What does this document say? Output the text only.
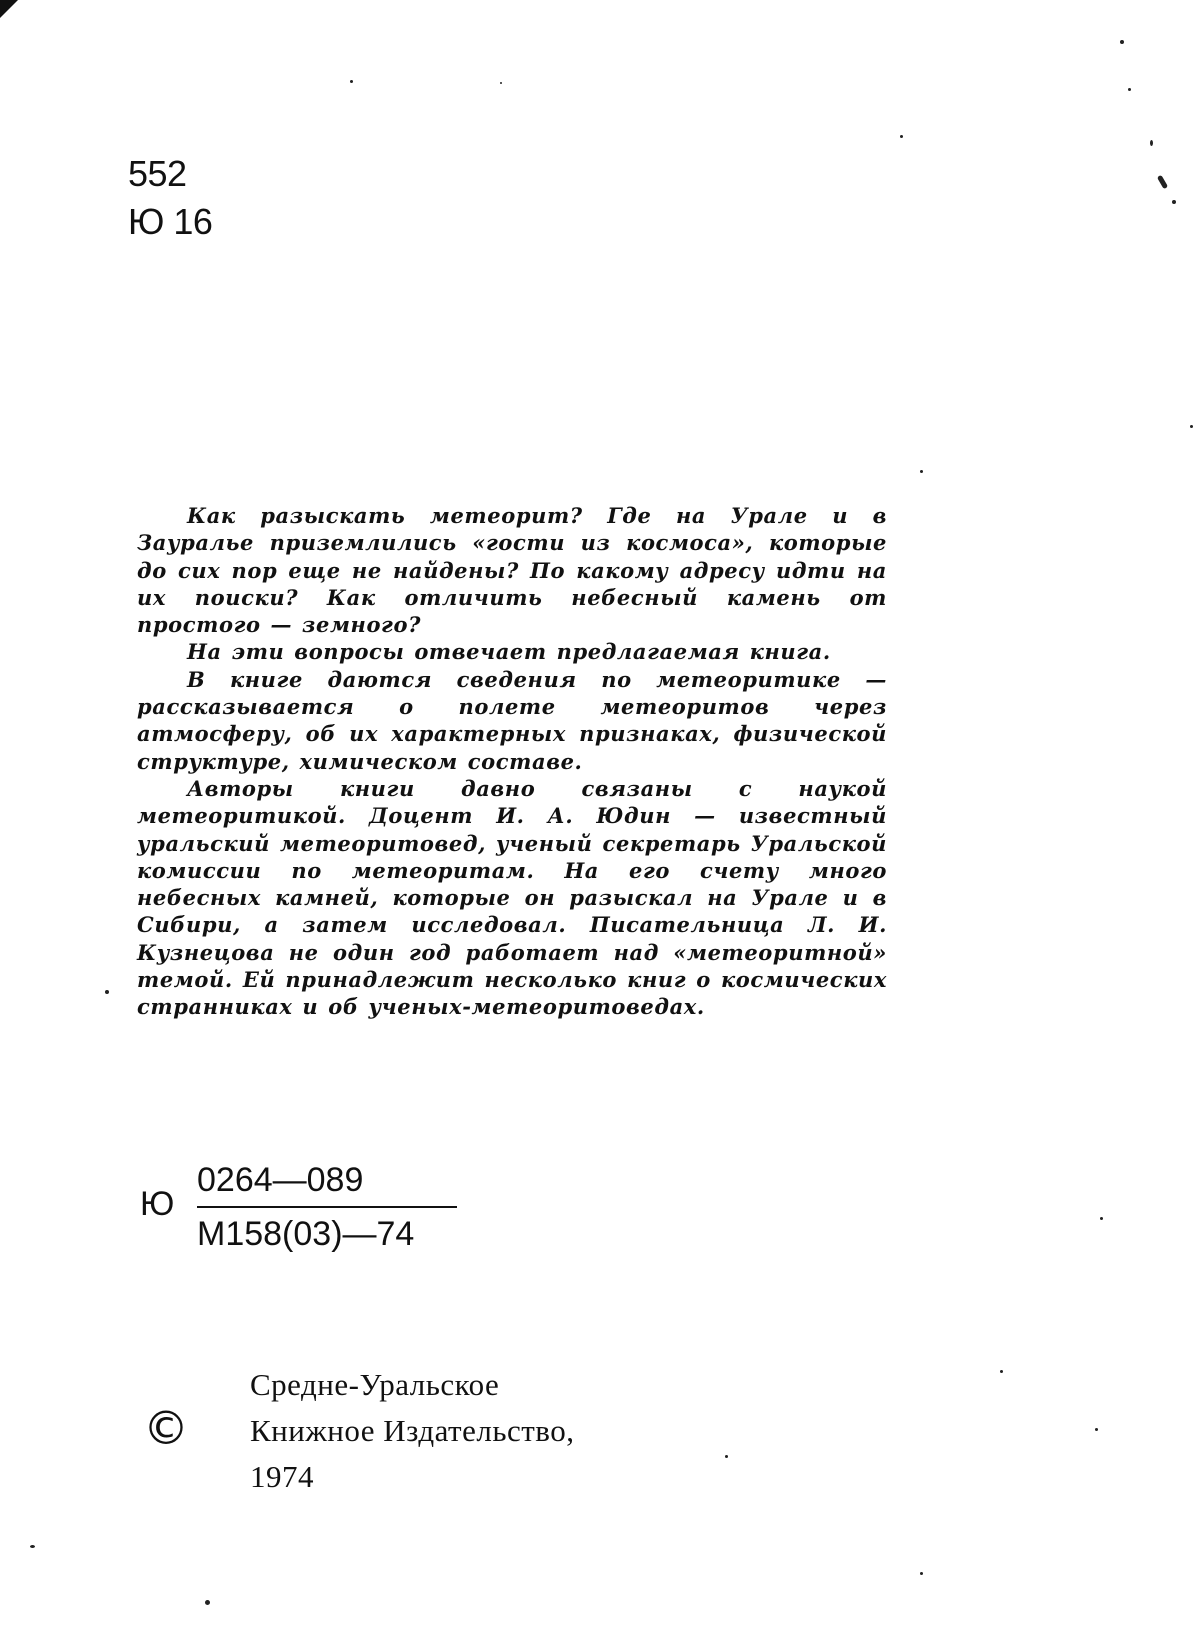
552
Ю 16

Как разыскать метеорит? Где на Урале и в Зауралье приземлились «гости из космоса», которые до сих пор еще не найдены? По какому адресу идти на их поиски? Как отличить небесный камень от простого — земного?

На эти вопросы отвечает предлагаемая книга.

В книге даются сведения по метеоритике — рассказывается о полете метеоритов через атмосферу, об их характерных признаках, физической структуре, химическом составе.

Авторы книги давно связаны с наукой метеоритикой. Доцент И. А. Юдин — известный уральский метеоритовед, ученый секретарь Уральской комиссии по метеоритам. На его счету много небесных камней, которые он разыскал на Урале и в Сибири, а затем исследовал. Писательница Л. И. Кузнецова не один год работает над «метеоритной» темой. Ей принадлежит несколько книг о космических странниках и об ученых-метеоритоведах.

Ю
0264—089
М158(03)—74
©
Средне-Уральское
Книжное Издательство,
1974
